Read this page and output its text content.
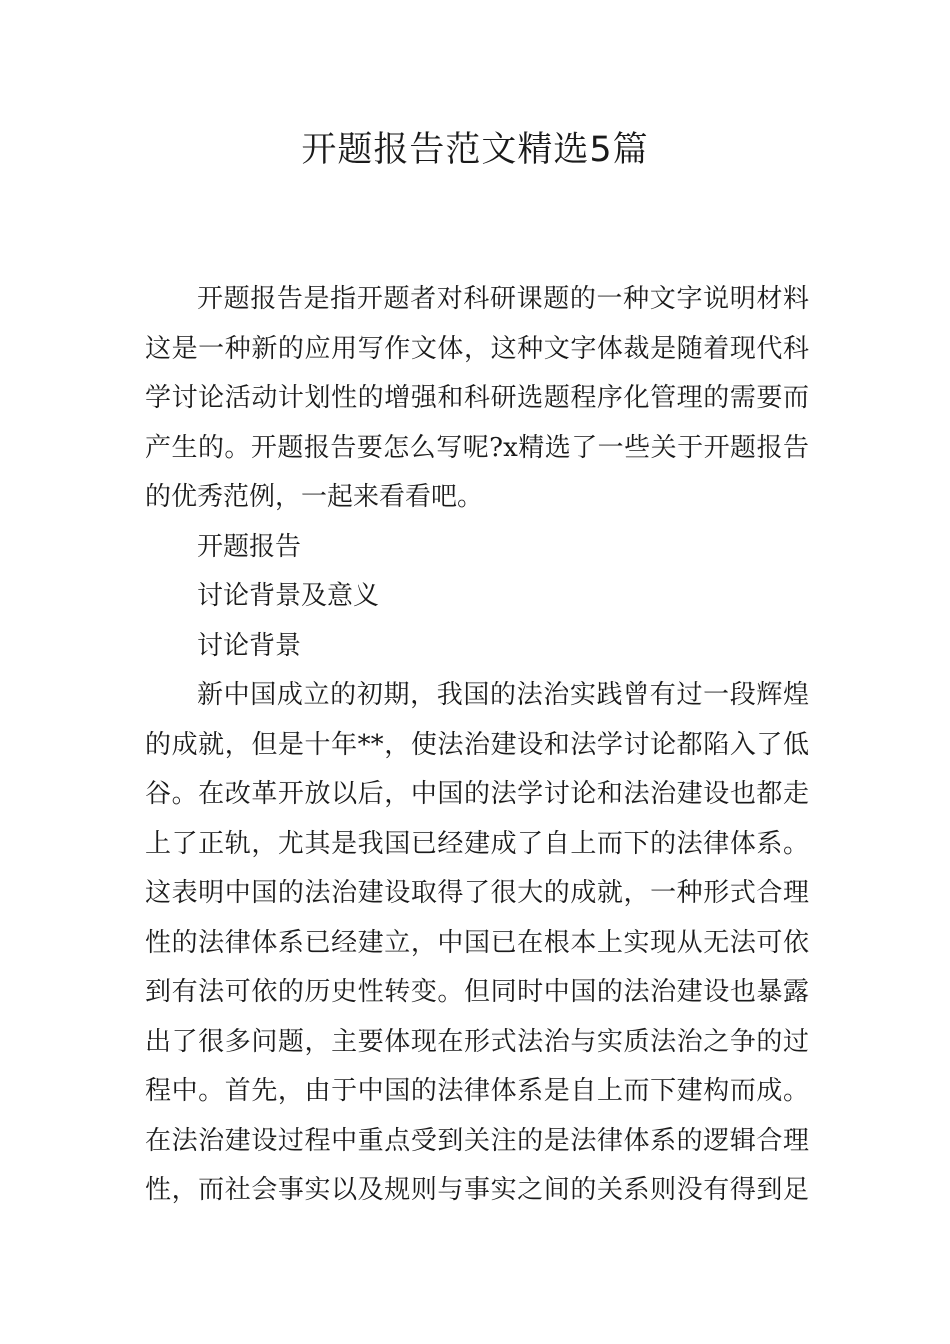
开题报告范文精选5篇
开题报告是指开题者对科研课题的一种文字说明材料
这是一种新的应用写作文体，这种文字体裁是随着现代科
学讨论活动计划性的增强和科研选题程序化管理的需要而
产生的。开题报告要怎么写呢?x精选了一些关于开题报告
的优秀范例，一起来看看吧。
开题报告
讨论背景及意义
讨论背景
新中国成立的初期，我国的法治实践曾有过一段辉煌
的成就，但是十年**，使法治建设和法学讨论都陷入了低
谷。在改革开放以后，中国的法学讨论和法治建设也都走
上了正轨，尤其是我国已经建成了自上而下的法律体系。
这表明中国的法治建设取得了很大的成就，一种形式合理
性的法律体系已经建立，中国已在根本上实现从无法可依
到有法可依的历史性转变。但同时中国的法治建设也暴露
出了很多问题，主要体现在形式法治与实质法治之争的过
程中。首先，由于中国的法律体系是自上而下建构而成。
在法治建设过程中重点受到关注的是法律体系的逻辑合理
性，而社会事实以及规则与事实之间的关系则没有得到足
